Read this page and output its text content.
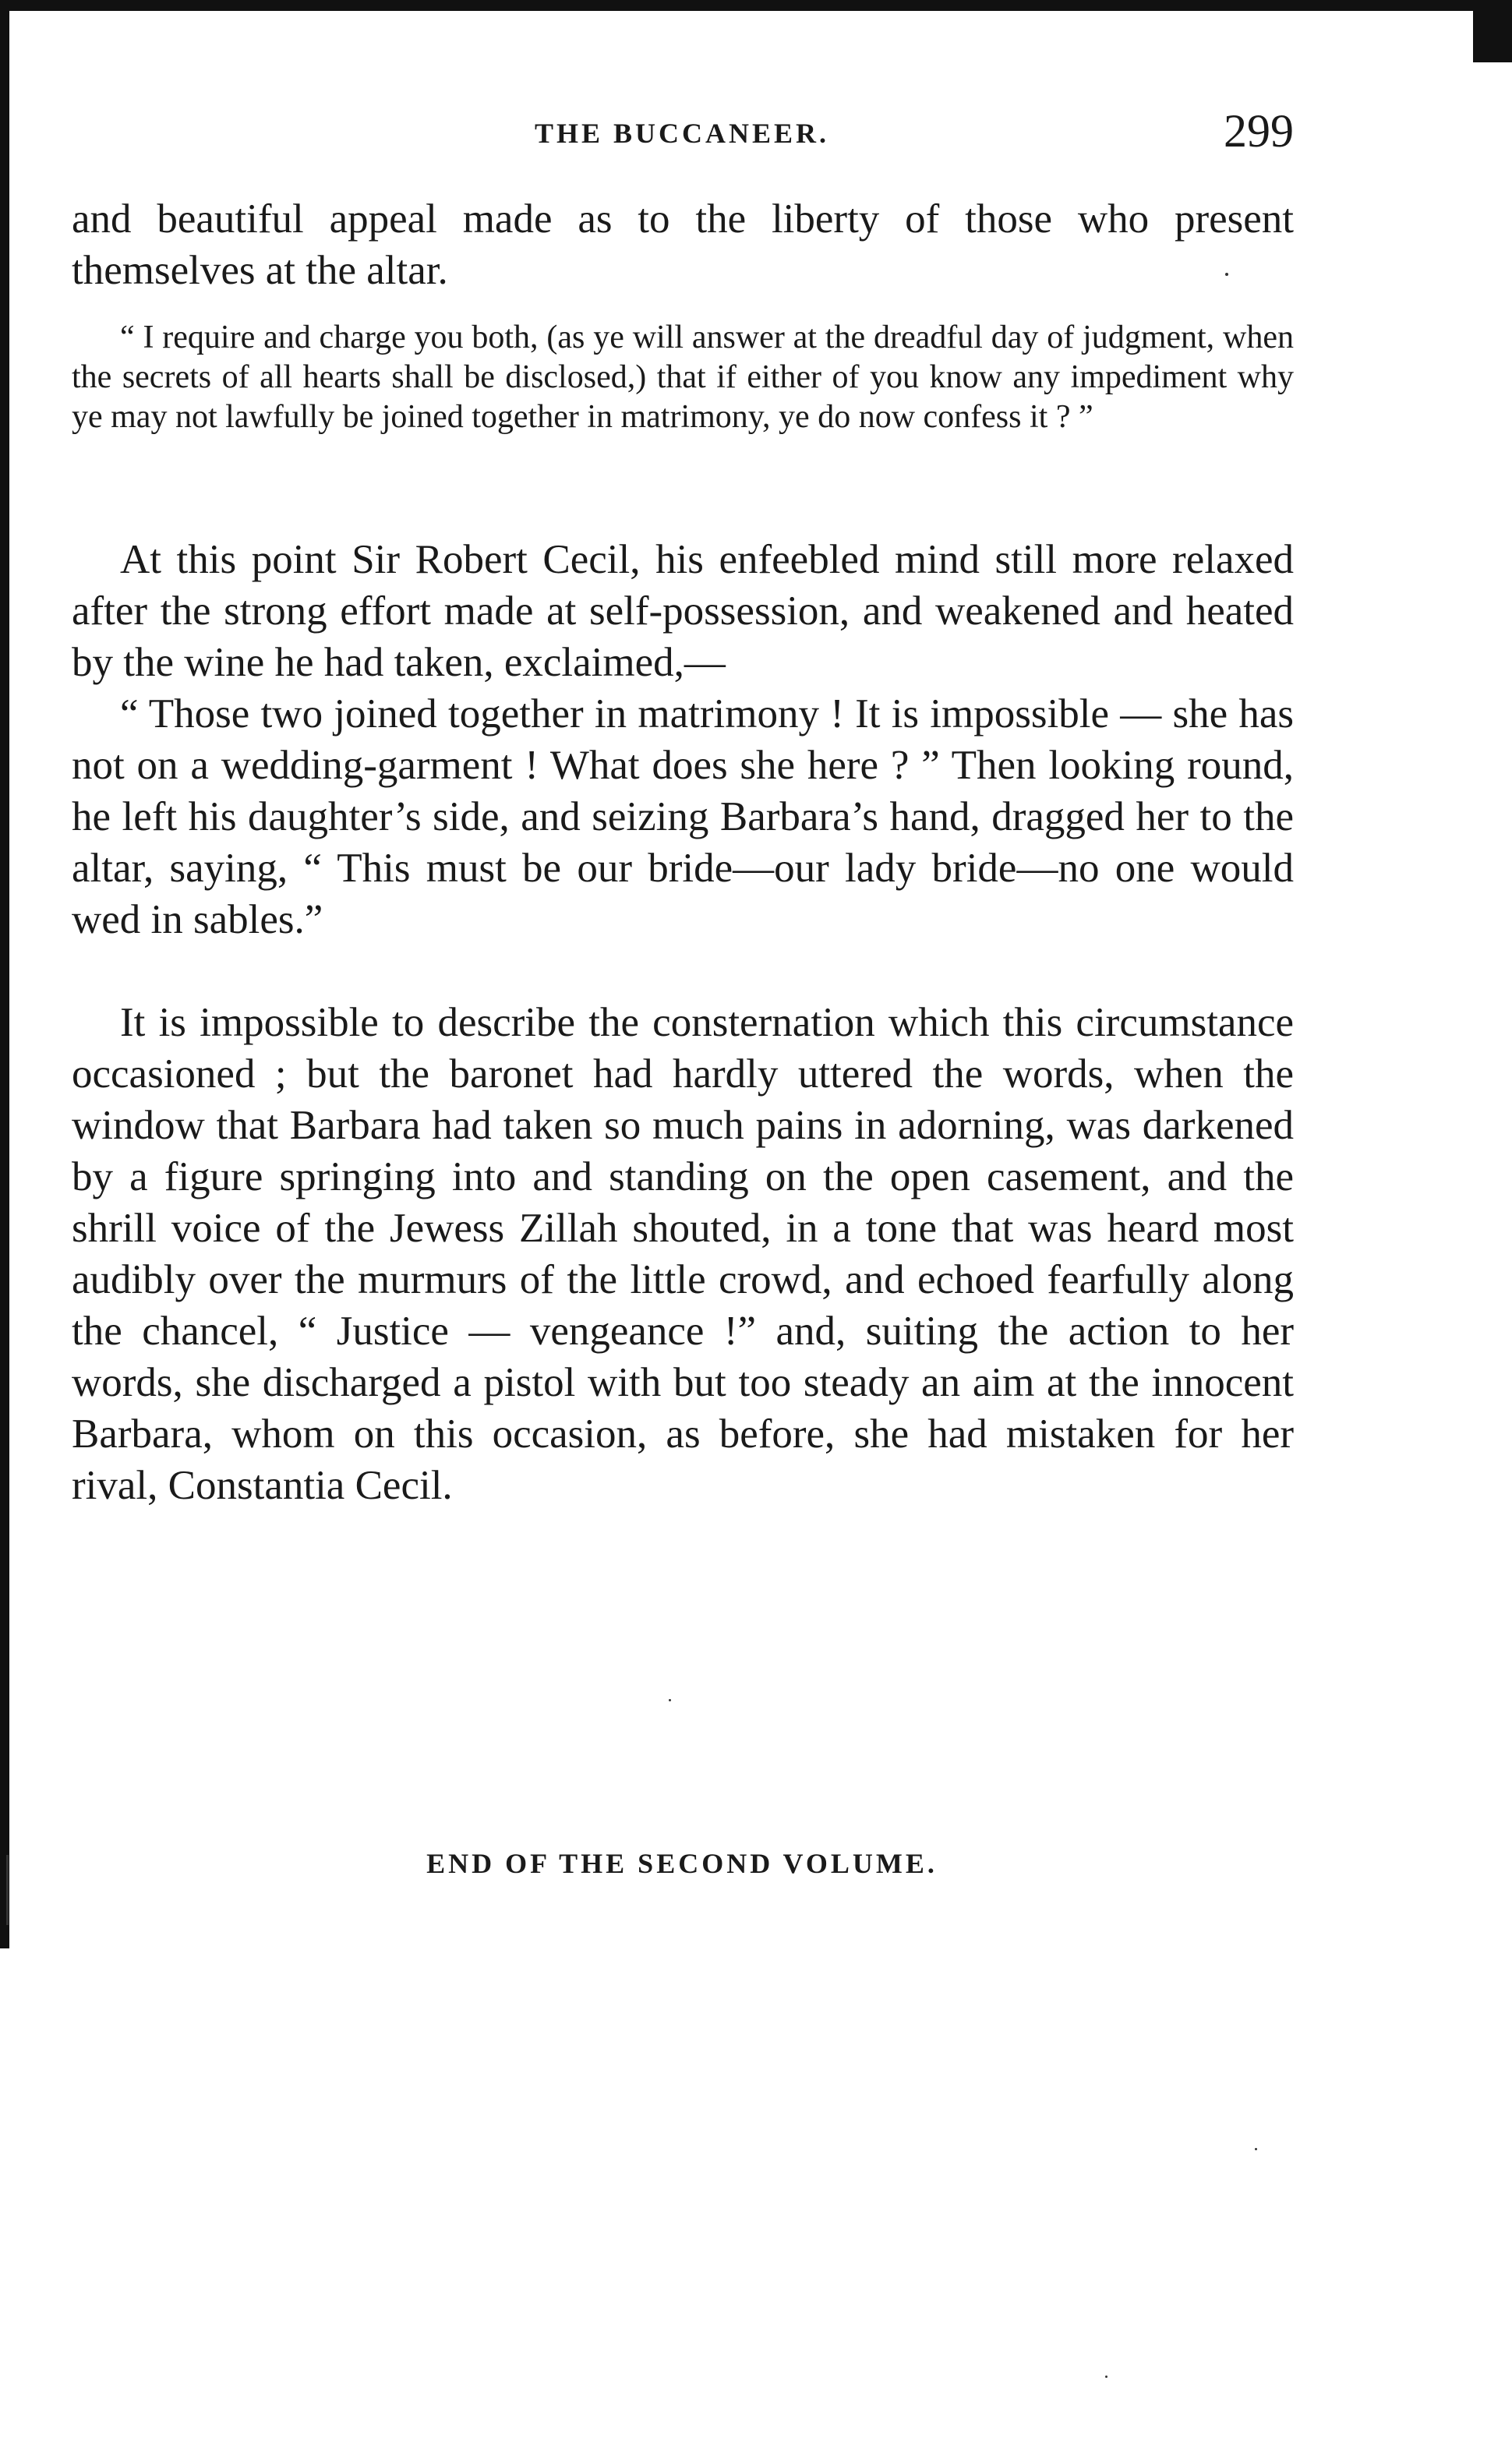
THE BUCCANEER.	299

and beautiful appeal made as to the liberty of those who present themselves at the altar.

“ I require and charge you both, (as ye will answer at the dreadful day of judgment, when the secrets of all hearts shall be disclosed,) that if either of you know any impediment why ye may not lawfully be joined together in matrimony, ye do now confess it ? ”

At this point Sir Robert Cecil, his enfeebled mind still more relaxed after the strong effort made at self-possession, and weakened and heated by the wine he had taken, exclaimed,—

“ Those two joined together in matrimony ! It is impossible — she has not on a wedding-garment ! What does she here ? ” Then looking round, he left his daughter’s side, and seizing Barbara’s hand, dragged her to the altar, saying, “ This must be our bride—our lady bride—no one would wed in sables.”

It is impossible to describe the consternation which this circumstance occasioned ; but the baronet had hardly uttered the words, when the window that Barbara had taken so much pains in adorning, was darkened by a figure springing into and standing on the open casement, and the shrill voice of the Jewess Zillah shouted, in a tone that was heard most audibly over the murmurs of the little crowd, and echoed fearfully along the chancel, “ Justice — vengeance !” and, suiting the action to her words, she discharged a pistol with but too steady an aim at the innocent Barbara, whom on this occasion, as before, she had mistaken for her rival, Constantia Cecil.

END OF THE SECOND VOLUME.
